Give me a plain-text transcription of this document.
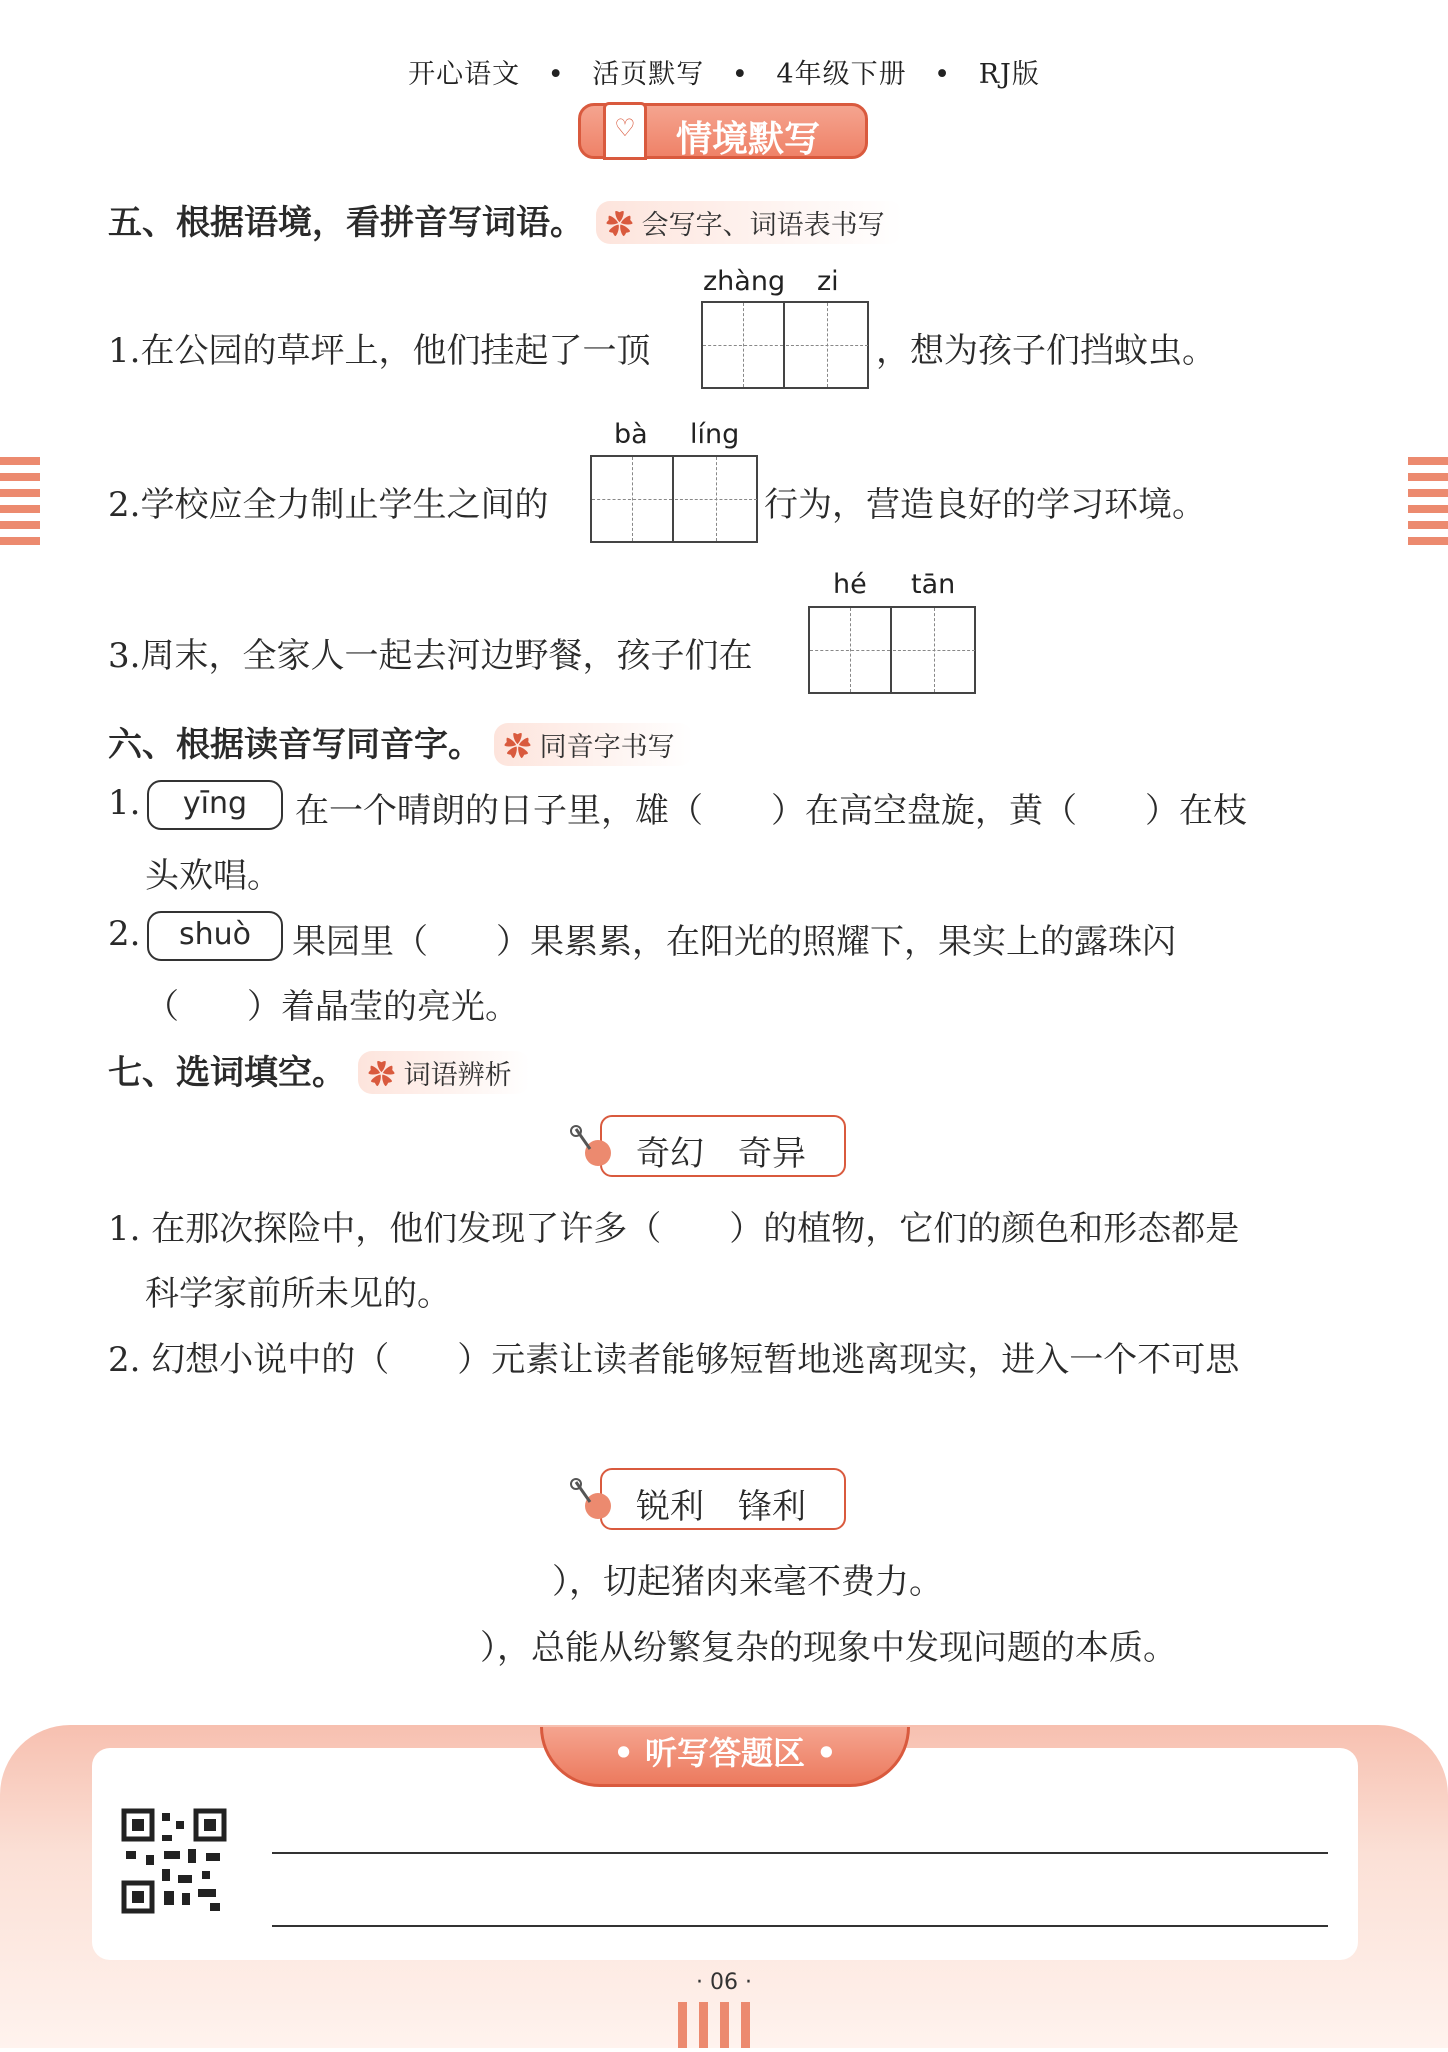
开心语文 • 活页默写 • 4年级下册 • RJ版
♡	情境默写
五、根据语境，看拼音写词语。 ✿ 会写字、词语表书写
zhàng zi
1.在公园的草坪上，他们挂起了一顶	，想为孩子们挡蚊虫。
bà líng
2.学校应全力制止学生之间的	行为，营造良好的学习环境。
hé tān
3.周末，全家人一起去河边野餐，孩子们在
六、根据读音写同音字。 ✿ 同音字书写
1.	yīng	在一个晴朗的日子里，雄（　　）在高空盘旋，黄（　　）在枝
头欢唱。
2.	shuò	果园里（　　）果累累，在阳光的照耀下，果实上的露珠闪
（　　）着晶莹的亮光。
七、选词填空。 ✿ 词语辨析
奇幻　奇异
1. 在那次探险中，他们发现了许多（　　）的植物，它们的颜色和形态都是
科学家前所未见的。
2. 幻想小说中的（　　）元素让读者能够短暂地逃离现实，进入一个不可思
锐利　锋利
），切起猪肉来毫不费力。
），总能从纷繁复杂的现象中发现问题的本质。
• 听写答题区 •
· 06 ·
